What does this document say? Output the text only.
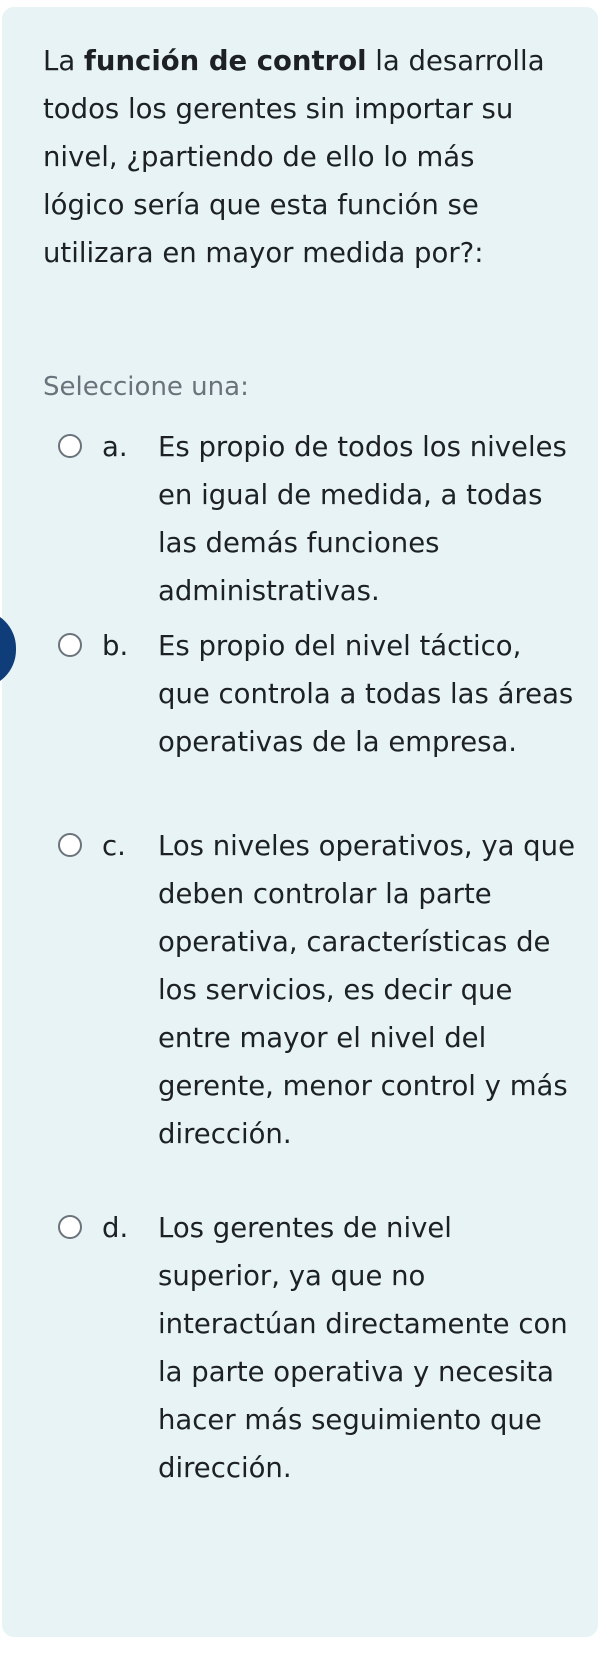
La función de control la desarrolla todos los gerentes sin importar su nivel, ¿partiendo de ello lo más lógico sería que esta función se utilizara en mayor medida por?:
Seleccione una:
a. Es propio de todos los niveles en igual de medida, a todas las demás funciones administrativas.
b. Es propio del nivel táctico, que controla a todas las áreas operativas de la empresa.
c. Los niveles operativos, ya que deben controlar la parte operativa, características de los servicios, es decir que entre mayor el nivel del gerente, menor control y más dirección.
d. Los gerentes de nivel superior, ya que no interactúan directamente con la parte operativa y necesita hacer más seguimiento que dirección.
